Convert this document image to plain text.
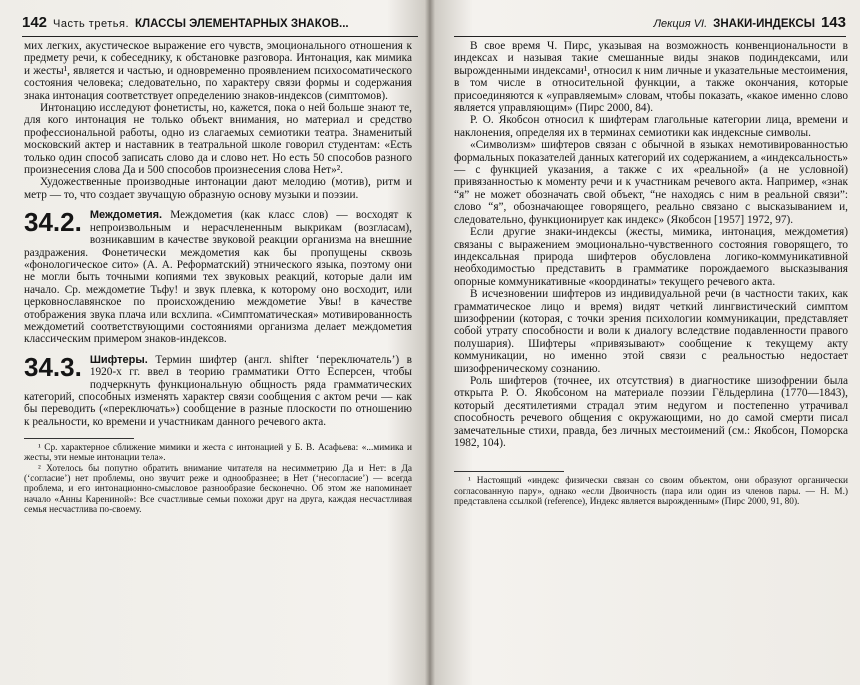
142 Часть третья. КЛАССЫ ЭЛЕМЕНТАРНЫХ ЗНАКОВ...

мих легких, акустическое выражение его чувств, эмоционального отношения к предмету речи, к собеседнику, к обстановке разговора. Интонация, как мимика и жесты¹, является и частью, и одновременно проявлением психосоматического состояния человека; следовательно, по характеру связи формы и содержания знака интонация соответствует определению знаков-индексов (симптомов).

Интонацию исследуют фонетисты, но, кажется, пока о ней больше знают те, для кого интонация не только объект внимания, но материал и средство профессиональной работы, одно из слагаемых семиотики театра. Знаменитый московский актер и наставник в театральной школе говорил студентам: «Есть только один способ записать слово да и слово нет. Но есть 50 способов разного произнесения слова Да и 500 способов произнесения слова Нет»².

Художественные производные интонации дают мелодию (мотив), ритм и метр — то, что создает звучащую образную основу музыки и поэзии.

34.2. Междометия. Междометия (как класс слов) — восходят к непроизвольным и нерасчлененным выкрикам (возгласам), возникавшим в качестве звуковой реакции организма на внешние раздражения. Фонетически междометия как бы пропущены сквозь «фонологическое сито» (А. А. Реформатский) этнического языка, поэтому они не могли быть точными копиями тех звуковых реакций, которые дали им начало. Ср. междометие Тьфу! и звук плевка, к которому оно восходит, или церковнославянское по происхождению междометие Увы! в качестве отображения звука плача или всхлипа. «Симптоматическая» мотивированность междометий соответствующими состояниями организма делает междометия классическим примером знаков-индексов.

34.3. Шифтеры. Термин шифтер (англ. shifter ‘переключатель’) в 1920-х гг. ввел в теорию грамматики Отто Есперсен, чтобы подчеркнуть функциональную общность ряда грамматических категорий, способных изменять характер связи сообщения с актом речи — как бы переводить («переключать») сообщение в разные плоскости по отношению к реальности, ко времени и участникам данного речевого акта.

¹ Ср. характерное сближение мимики и жеста с интонацией у Б. В. Асафьева: «...мимика и жесты, эти немые интонации тела».

² Хотелось бы попутно обратить внимание читателя на несимметрию Да и Нет: в Да (‘согласие’) нет проблемы, оно звучит реже и однообразнее; в Нет (‘несогласие’) — всегда проблема, и его интонационно-смысловое разнообразие бесконечно. Об этом же напоминает начало «Анны Карениной»: Все счастливые семьи похожи друг на друга, каждая несчастливая семья несчастлива по-своему.

Лекция VI. ЗНАКИ-ИНДЕКСЫ 143

В свое время Ч. Пирс, указывая на возможность конвенциональности в индексах и называя такие смешанные виды знаков подиндексами, или вырожденными индексами¹, относил к ним личные и указательные местоимения, в том числе в относительной функции, а также окончания, которые присоединяются к «управляемым» словам, чтобы показать, «какое именно слово является управляющим» (Пирс 2000, 84).

Р. О. Якобсон относил к шифтерам глагольные категории лица, времени и наклонения, определяя их в терминах семиотики как индексные символы.

«Символизм» шифтеров связан с обычной в языках немотивированностью формальных показателей данных категорий их содержанием, а «индексальность» — с функцией указания, а также с их «реальной» (а не условной) привязанностью к моменту речи и к участникам речевого акта. Например, «знак “я” не может обозначать свой объект, “не находясь с ним в реальной связи”: слово “я”, обозначающее говорящего, реально связано с высказыванием и, следовательно, функционирует как индекс» (Якобсон [1957] 1972, 97).

Если другие знаки-индексы (жесты, мимика, интонация, междометия) связаны с выражением эмоционально-чувственного состояния говорящего, то индексальная природа шифтеров обусловлена логико-коммуникативной необходимостью представить в грамматике порождаемого высказывания опорные коммуникативные «координаты» текущего речевого акта.

В исчезновении шифтеров из индивидуальной речи (в частности таких, как грамматическое лицо и время) видят четкий лингвистический симптом шизофрении (которая, с точки зрения психологии коммуникации, представляет собой утрату способности и воли к диалогу вследствие подавленности правого полушария). Шифтеры «привязывают» сообщение к текущему акту коммуникации, но именно этой связи с реальностью недостает шизофреническому сознанию.

Роль шифтеров (точнее, их отсутствия) в диагностике шизофрении была открыта Р. О. Якобсоном на материале поэзии Гёльдерлина (1770—1843), который десятилетиями страдал этим недугом и постепенно утрачивал способность речевого общения с окружающими, но до самой смерти писал замечательные стихи, правда, без личных местоимений (см.: Якобсон, Поморска 1982, 104).

¹ Настоящий «индекс физически связан со своим объектом, они образуют органически согласованную пару», однако «если Двоичность (пара или один из членов пары. — Н. М.) представлена ссылкой (reference), Индекс является вырожденным» (Пирс 2000, 91, 80).
